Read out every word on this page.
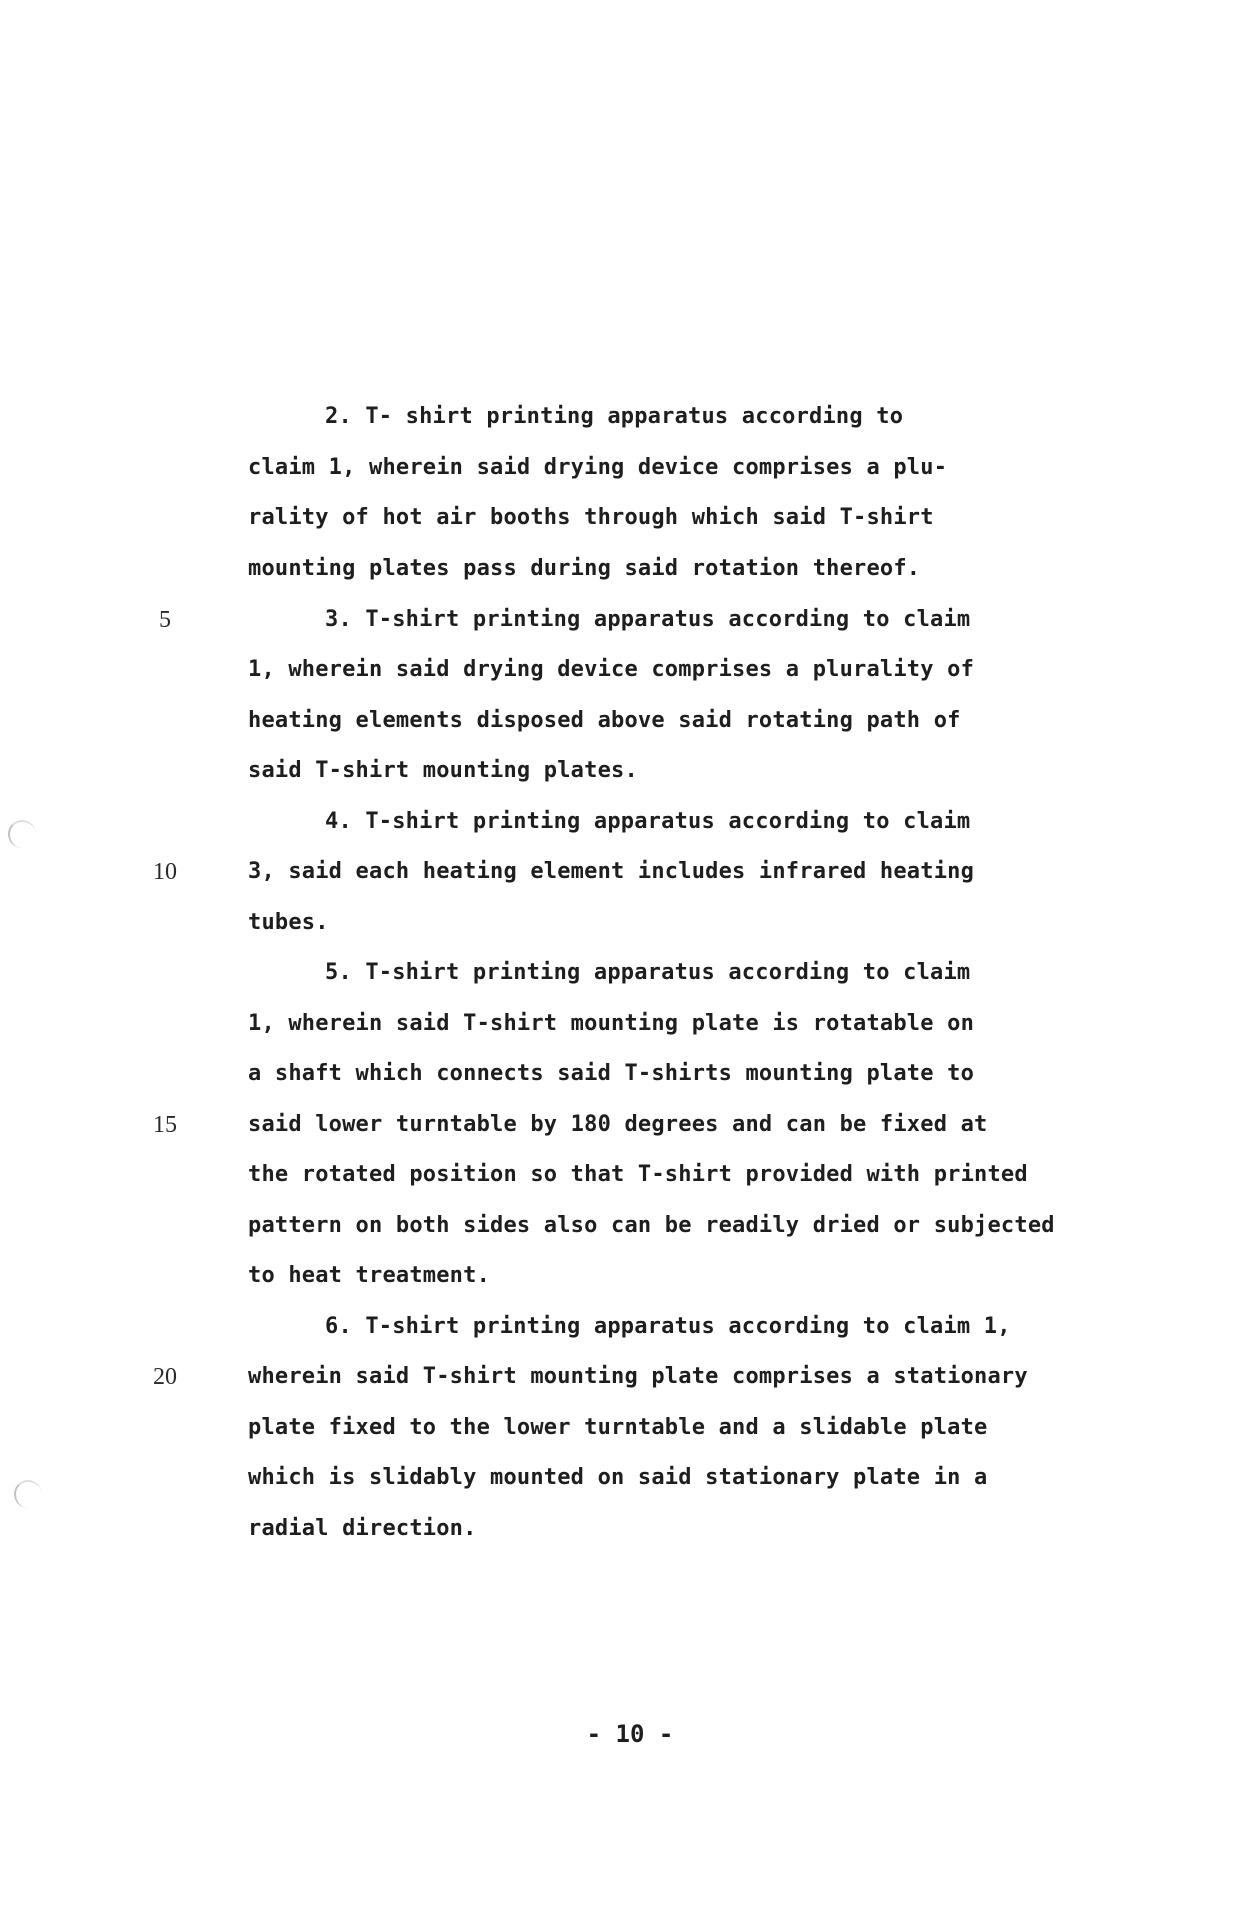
2. T- shirt printing apparatus according to
claim 1, wherein said drying device comprises a plu-
rality of hot air booths through which said T-shirt
mounting plates pass during said rotation thereof.
5	3. T-shirt printing apparatus according to claim
1, wherein said drying device comprises a plurality of
heating elements disposed above said rotating path of
said T-shirt mounting plates.
4. T-shirt printing apparatus according to claim
10	3, said each heating element includes infrared heating
tubes.
5. T-shirt printing apparatus according to claim
1, wherein said T-shirt mounting plate is rotatable on
a shaft which connects said T-shirts mounting plate to
15	said lower turntable by 180 degrees and can be fixed at
the rotated position so that T-shirt provided with printed
pattern on both sides also can be readily dried or subjected
to heat treatment.
6. T-shirt printing apparatus according to claim 1,
20	wherein said T-shirt mounting plate comprises a stationary
plate fixed to the lower turntable and a slidable plate
which is slidably mounted on said stationary plate in a
radial direction.
- 10 -
